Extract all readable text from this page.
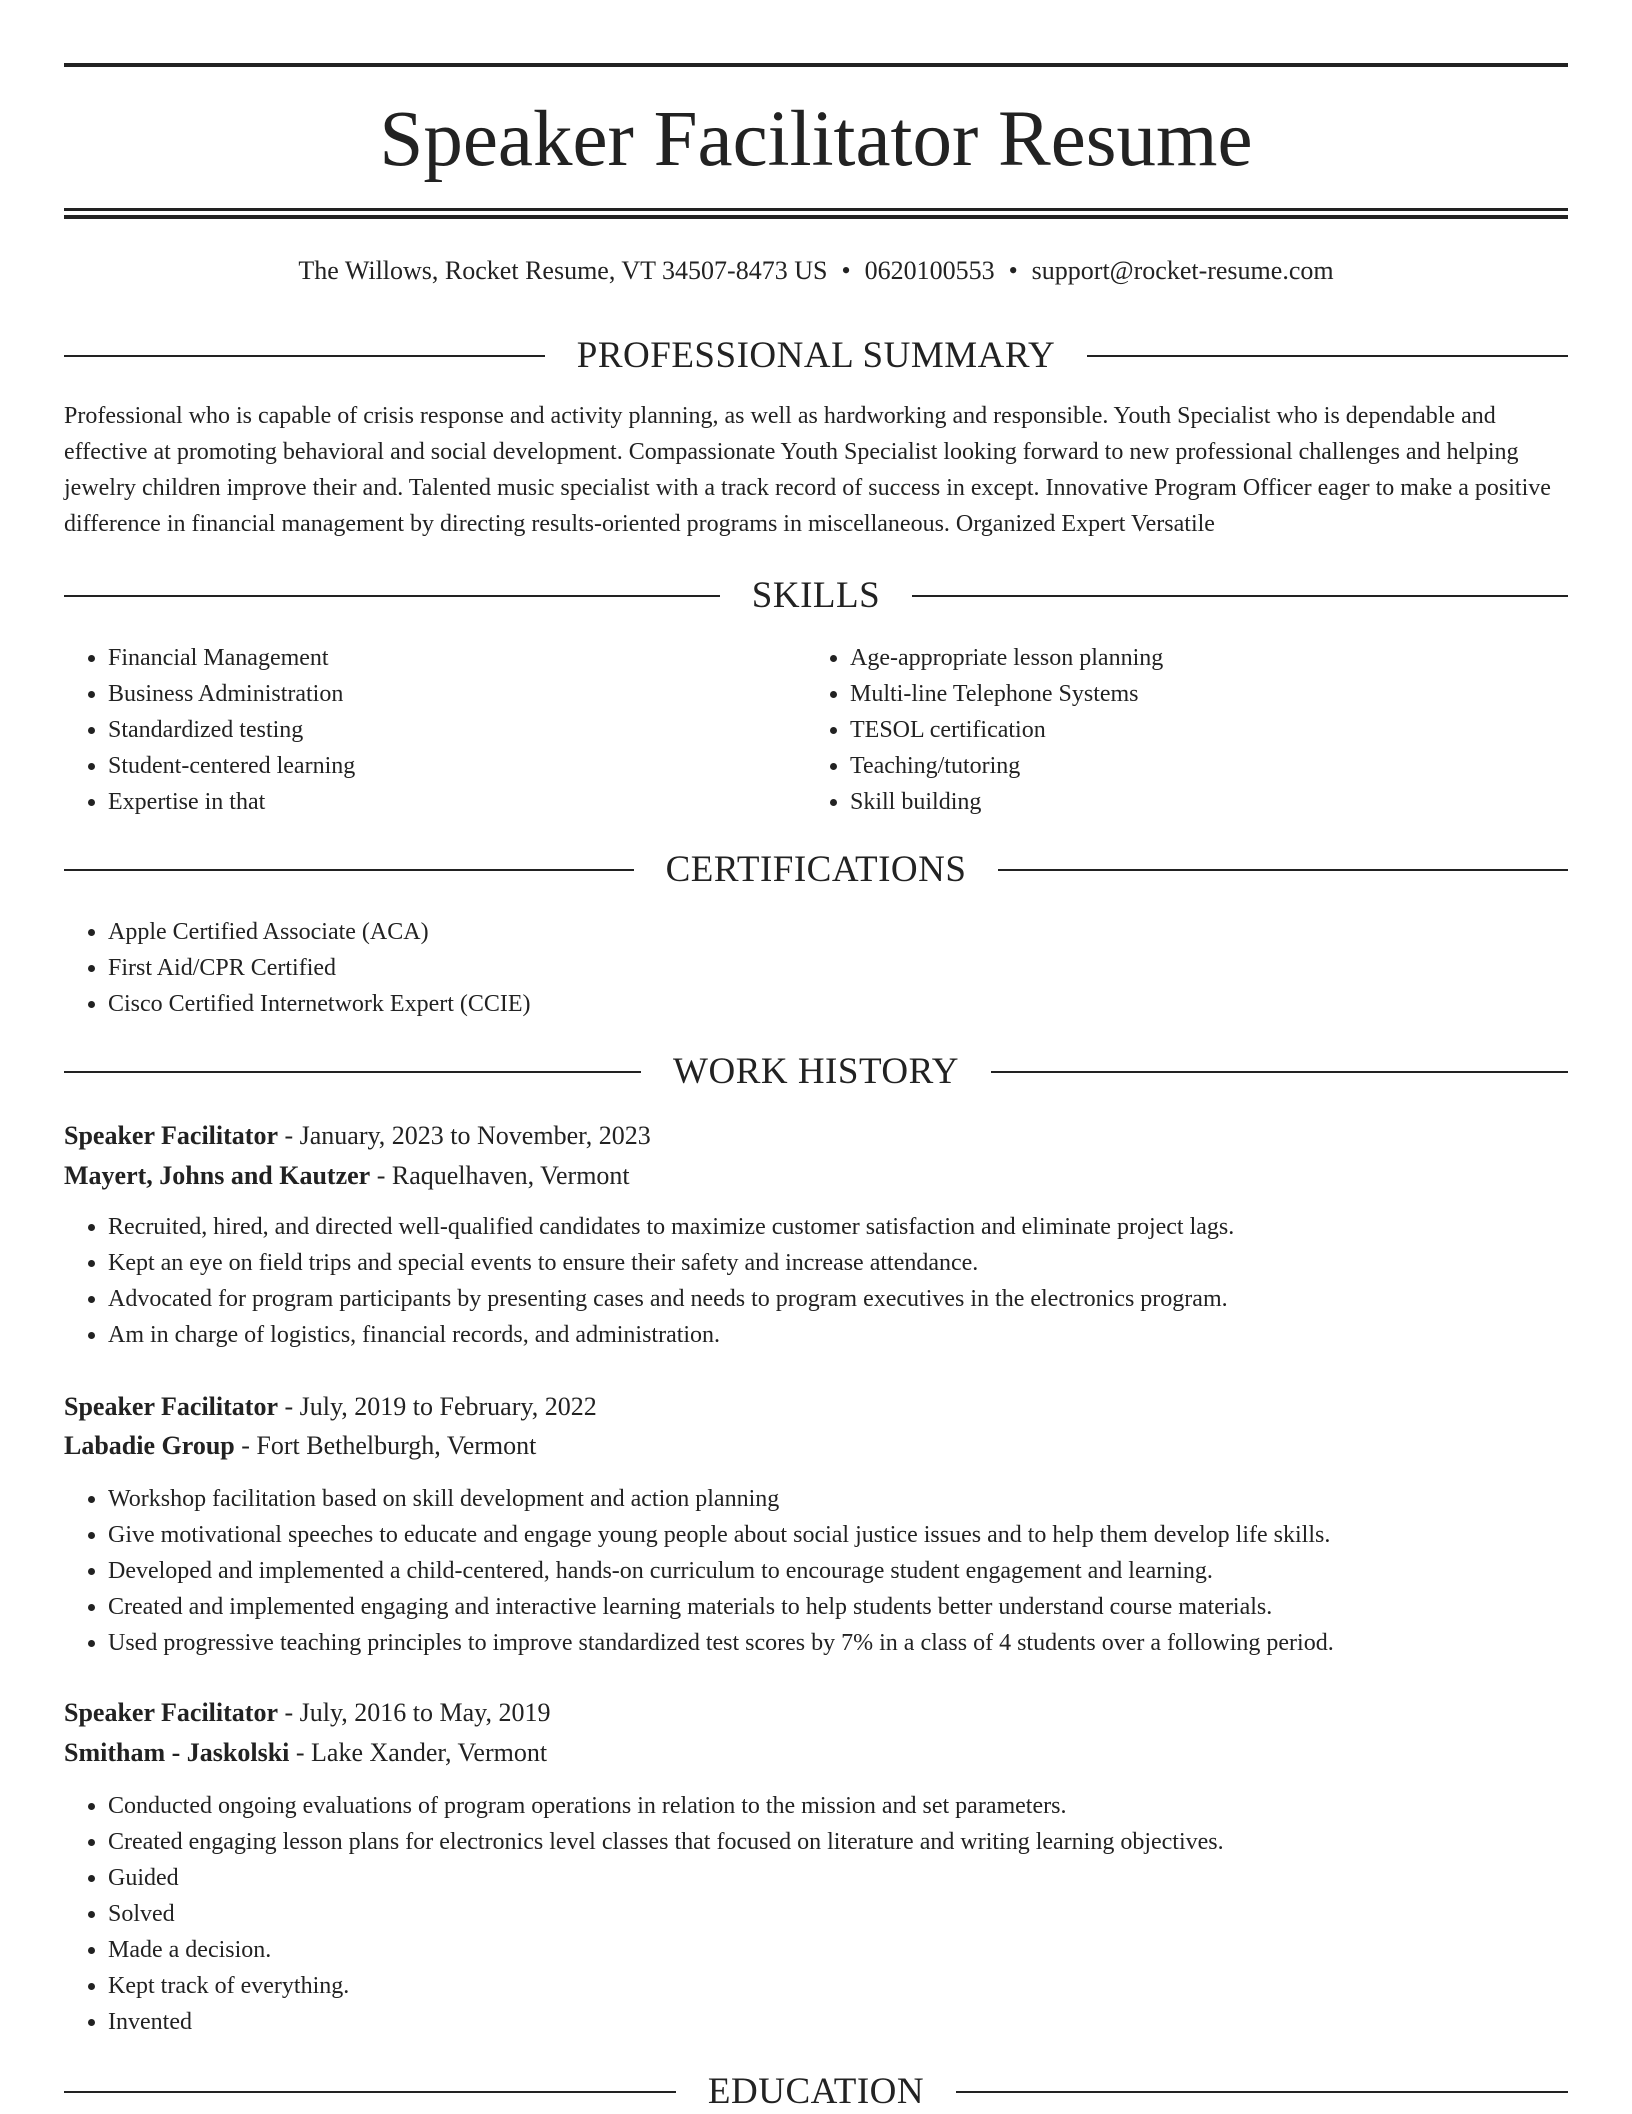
Speaker Facilitator Resume
The Willows, Rocket Resume, VT 34507-8473 US • 0620100553 • support@rocket-resume.com
PROFESSIONAL SUMMARY

Professional who is capable of crisis response and activity planning, as well as hardworking and responsible. Youth Specialist who is dependable and effective at promoting behavioral and social development. Compassionate Youth Specialist looking forward to new professional challenges and helping jewelry children improve their and. Talented music specialist with a track record of success in except. Innovative Program Officer eager to make a positive difference in financial management by directing results-oriented programs in miscellaneous. Organized Expert Versatile

SKILLS
• Financial Management
• Business Administration
• Standardized testing
• Student-centered learning
• Expertise in that
• Age-appropriate lesson planning
• Multi-line Telephone Systems
• TESOL certification
• Teaching/tutoring
• Skill building
CERTIFICATIONS
• Apple Certified Associate (ACA)
• First Aid/CPR Certified
• Cisco Certified Internetwork Expert (CCIE)
WORK HISTORY
Speaker Facilitator - January, 2023 to November, 2023
Mayert, Johns and Kautzer - Raquelhaven, Vermont
• Recruited, hired, and directed well-qualified candidates to maximize customer satisfaction and eliminate project lags.
• Kept an eye on field trips and special events to ensure their safety and increase attendance.
• Advocated for program participants by presenting cases and needs to program executives in the electronics program.
• Am in charge of logistics, financial records, and administration.
Speaker Facilitator - July, 2019 to February, 2022
Labadie Group - Fort Bethelburgh, Vermont
• Workshop facilitation based on skill development and action planning
• Give motivational speeches to educate and engage young people about social justice issues and to help them develop life skills.
• Developed and implemented a child-centered, hands-on curriculum to encourage student engagement and learning.
• Created and implemented engaging and interactive learning materials to help students better understand course materials.
• Used progressive teaching principles to improve standardized test scores by 7% in a class of 4 students over a following period.
Speaker Facilitator - July, 2016 to May, 2019
Smitham - Jaskolski - Lake Xander, Vermont
• Conducted ongoing evaluations of program operations in relation to the mission and set parameters.
• Created engaging lesson plans for electronics level classes that focused on literature and writing learning objectives.
• Guided
• Solved
• Made a decision.
• Kept track of everything.
• Invented
EDUCATION
